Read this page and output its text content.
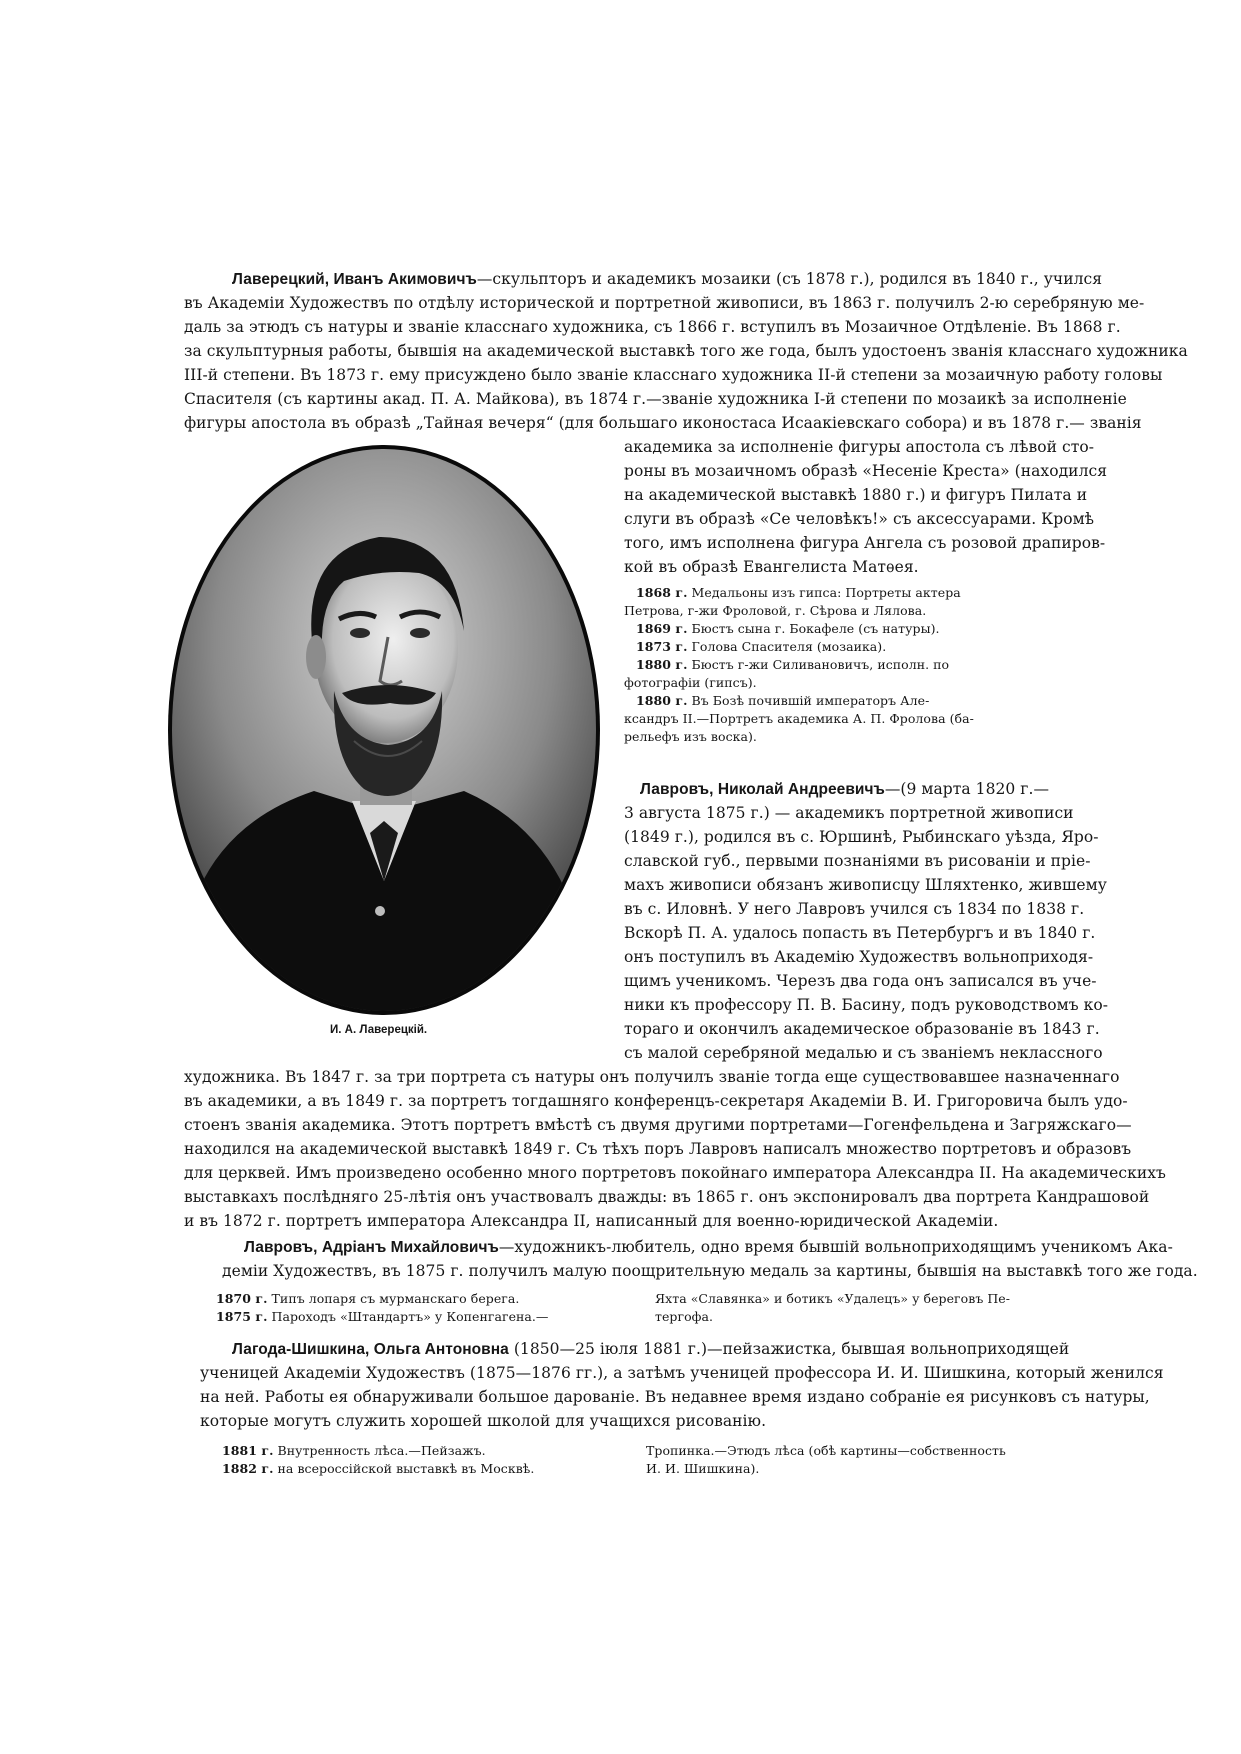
Лаверецкий, Иванъ Акимовичъ—скульпторъ и академикъ мозаики (съ 1878 г.), родился въ 1840 г., учился
въ Академіи Художествъ по отдѣлу исторической и портретной живописи, въ 1863 г. получилъ 2-ю серебряную ме-
даль за этюдъ съ натуры и званіе класснаго художника, съ 1866 г. вступилъ въ Мозаичное Отдѣленіе. Въ 1868 г.
за скульптурныя работы, бывшія на академической выставкѣ того же года, былъ удостоенъ званія класснаго художника
III-й степени. Въ 1873 г. ему присуждено было званіе класснаго художника II-й степени за мозаичную работу головы
Спасителя (съ картины акад. П. А. Майкова), въ 1874 г.—званіе художника I-й степени по мозаикѣ за исполненіе
фигуры апостола въ образѣ „Тайная вечеря“ (для большаго иконостаса Исаакіевскаго собора) и въ 1878 г.— званія
академика за исполненіе фигуры апостола съ лѣвой сто-
роны въ мозаичномъ образѣ «Несеніе Креста» (находился
на академической выставкѣ 1880 г.) и фигуръ Пилата и
слуги въ образѣ «Се человѣкъ!» съ аксессуарами. Кромѣ
того, имъ исполнена фигура Ангела съ розовой драпиров-
кой въ образѣ Евангелиста Матѳея.
1868 г. Медальоны изъ гипса: Портреты актера
Петрова, г-жи Фроловой, г. Сѣрова и Лялова.
1869 г. Бюстъ сына г. Бокафеле (съ натуры).
1873 г. Голова Спасителя (мозаика).
1880 г. Бюстъ г-жи Силивановичъ, исполн. по
фотографіи (гипсъ).
1880 г. Въ Бозѣ почившій императоръ Але-
ксандръ II.—Портретъ академика А. П. Фролова (ба-
рельефъ изъ воска).
И. А. Лаверецкій.
Лавровъ, Николай Андреевичъ—(9 марта 1820 г.—
3 августа 1875 г.) — академикъ портретной живописи
(1849 г.), родился въ с. Юршинѣ, Рыбинскаго уѣзда, Яро-
славской губ., первыми познаніями въ рисованіи и пріе-
махъ живописи обязанъ живописцу Шляхтенко, жившему
въ с. Иловнѣ. У него Лавровъ учился съ 1834 по 1838 г.
Вскорѣ П. А. удалось попасть въ Петербургъ и въ 1840 г.
онъ поступилъ въ Академію Художествъ вольноприходя-
щимъ ученикомъ. Черезъ два года онъ записался въ уче-
ники къ профессору П. В. Басину, подъ руководствомъ ко-
тораго и окончилъ академическое образованіе въ 1843 г.
съ малой серебряной медалью и съ званіемъ неклассного
художника. Въ 1847 г. за три портрета съ натуры онъ получилъ званіе тогда еще существовавшее назначеннаго
въ академики, а въ 1849 г. за портретъ тогдашняго конференцъ-секретаря Академіи В. И. Григоровича былъ удо-
стоенъ званія академика. Этотъ портретъ вмѣстѣ съ двумя другими портретами—Гогенфельдена и Загряжскаго—
находился на академической выставкѣ 1849 г. Съ тѣхъ поръ Лавровъ написалъ множество портретовъ и образовъ
для церквей. Имъ произведено особенно много портретовъ покойнаго императора Александра II. На академическихъ
выставкахъ послѣдняго 25-лѣтія онъ участвовалъ дважды: въ 1865 г. онъ экспонировалъ два портрета Кандрашовой
и въ 1872 г. портретъ императора Александра II, написанный для военно-юридической Академіи.
Лавровъ, Адріанъ Михайловичъ—художникъ-любитель, одно время бывшій вольноприходящимъ ученикомъ Ака-
деміи Художествъ, въ 1875 г. получилъ малую поощрительную медаль за картины, бывшія на выставкѣ того же года.
1870 г. Типъ лопаря съ мурманскаго берега.
1875 г. Пароходъ «Штандартъ» у Копенгагена.—
Яхта «Славянка» и ботикъ «Удалецъ» у береговъ Пе-
тергофа.
Лагода-Шишкина, Ольга Антоновна (1850—25 іюля 1881 г.)—пейзажистка, бывшая вольноприходящей
ученицей Академіи Художествъ (1875—1876 гг.), а затѣмъ ученицей профессора И. И. Шишкина, который женился
на ней. Работы ея обнаруживали большое дарованіе. Въ недавнее время издано собраніе ея рисунковъ съ натуры,
которые могутъ служить хорошей школой для учащихся рисованію.
1881 г. Внутренность лѣса.—Пейзажъ.
1882 г. на всероссійской выставкѣ въ Москвѣ.
Тропинка.—Этюдъ лѣса (обѣ картины—собственность
И. И. Шишкина).
